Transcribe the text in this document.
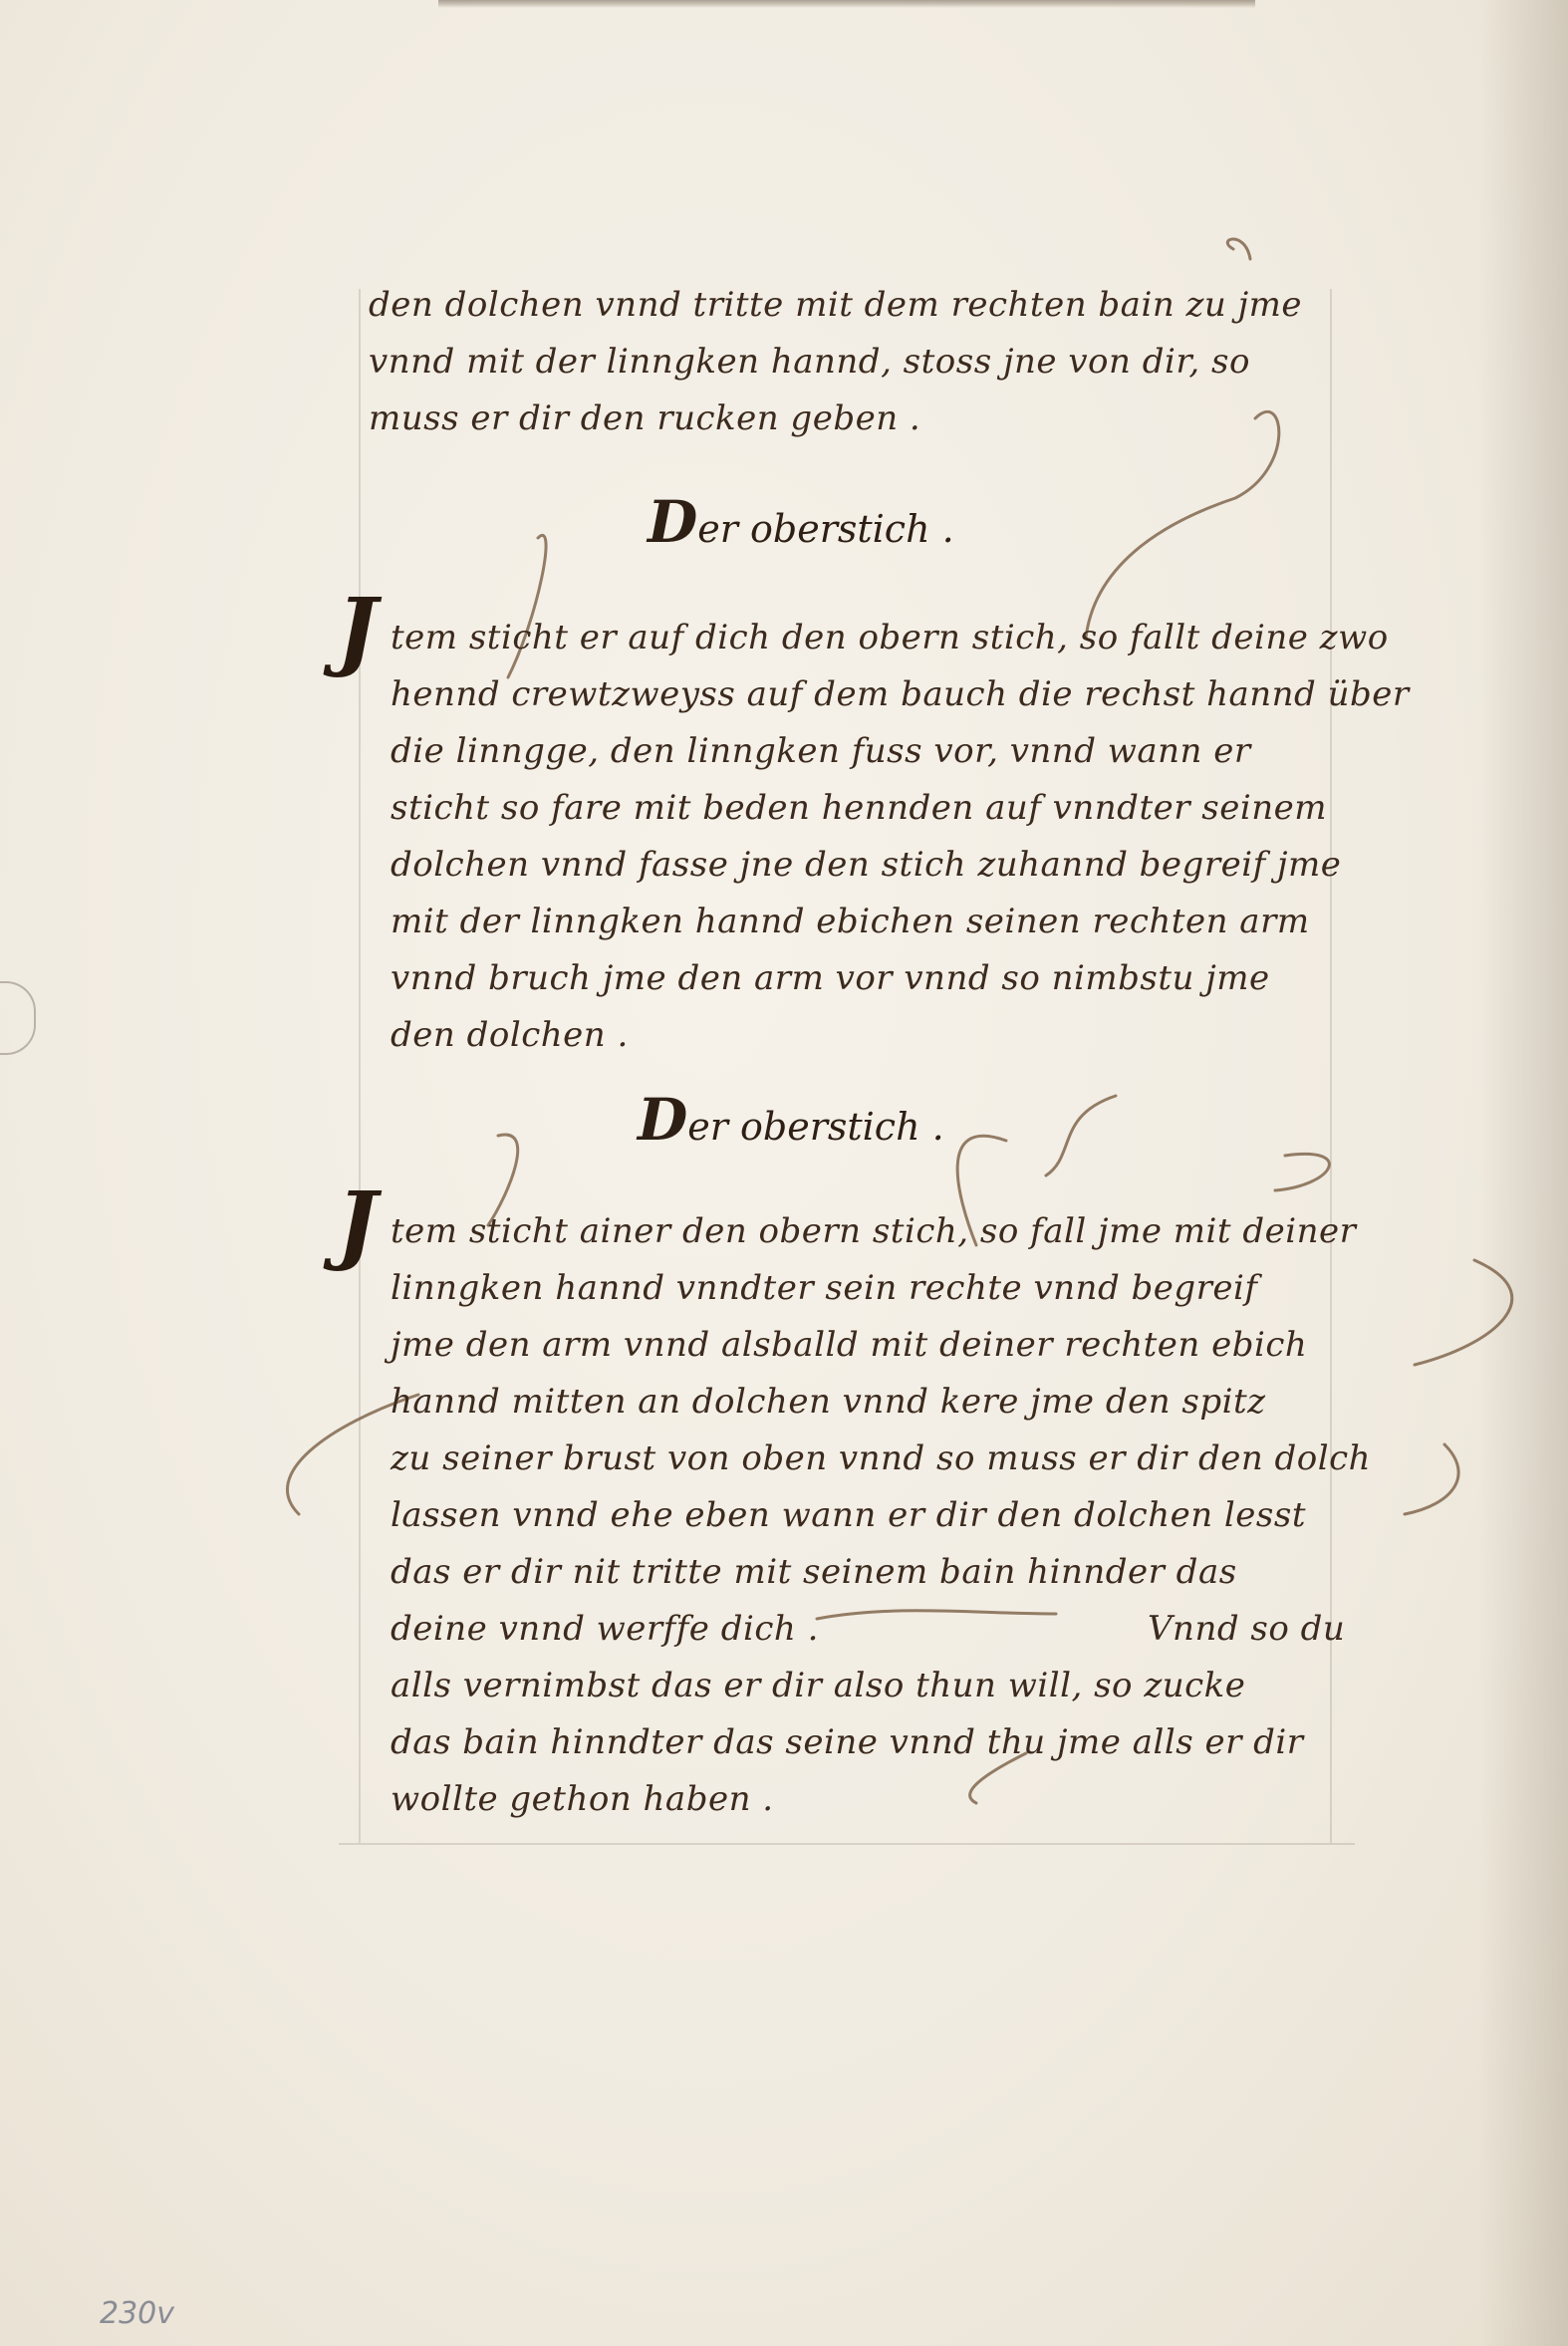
den dolchen vnnd tritte mit dem rechten bain zu jme
vnnd mit der linngken hannd, stoss jne von dir, so
muss er dir den rucken geben .
Der oberstich .
J tem sticht er auf dich den obern stich, so fallt deine zwo
hennd crewtzweyss auf dem bauch die rechst hannd über
die linngge, den linngken fuss vor, vnnd wann er
sticht so fare mit beden hennden auf vnndter seinem
dolchen vnnd fasse jne den stich zuhannd begreif jme
mit der linngken hannd ebichen seinen rechten arm
vnnd bruch jme den arm vor vnnd so nimbstu jme
den dolchen .
Der oberstich .
J tem sticht ainer den obern stich, so fall jme mit deiner
linngken hannd vnndter sein rechte vnnd begreif
jme den arm vnnd alsballd mit deiner rechten ebich
hannd mitten an dolchen vnnd kere jme den spitz
zu seiner brust von oben vnnd so muss er dir den dolch
lassen vnnd ehe eben wann er dir den dolchen lesst
das er dir nit tritte mit seinem bain hinnder das
deine vnnd werffe dich .	Vnnd so du
alls vernimbst das er dir also thun will, so zucke
das bain hinndter das seine vnnd thu jme alls er dir
wollte gethon haben .
230v
